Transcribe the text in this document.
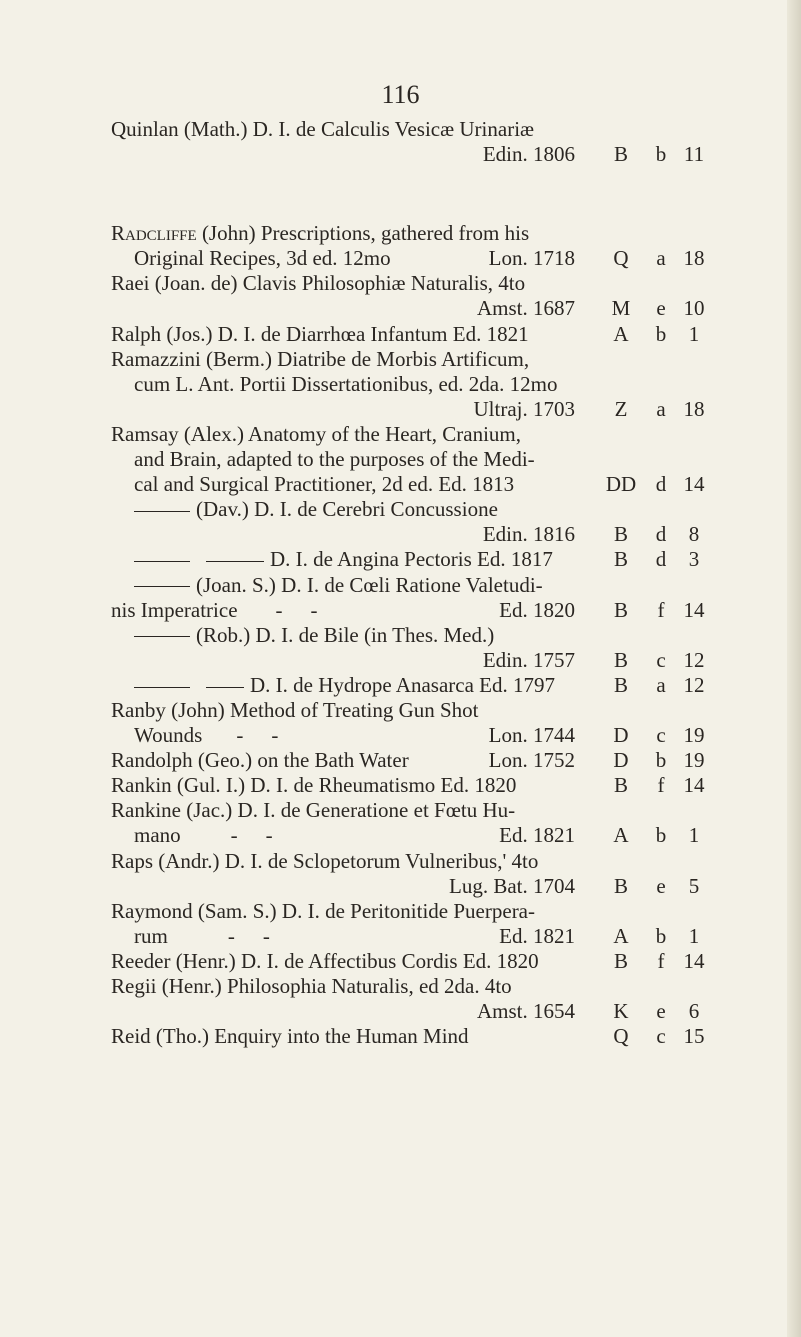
116
Quinlan (Math.) D. I. de Calculis Vesicæ Urinariæ
Edin. 1806	B	b 11
Radcliffe (John) Prescriptions, gathered from his
Original Recipes, 3d ed. 12mo	Lon. 1718	Q	a 18
Raei (Joan. de) Clavis Philosophiæ Naturalis, 4to
Amst. 1687	M	e 10
Ralph (Jos.) D. I. de Diarrhœa Infantum Ed. 1821	A	b	1
Ramazzini (Berm.) Diatribe de Morbis Artificum,
cum L. Ant. Portii Dissertationibus, ed. 2da. 12mo
Ultraj. 1703	Z	a 18
Ramsay (Alex.) Anatomy of the Heart, Cranium,
and Brain, adapted to the purposes of the Medi-
cal and Surgical Practitioner, 2d ed. Ed. 1813	DD d 14
(Dav.) D. I. de Cerebri Concussione
Edin. 1816	B	d	8
D. I. de Angina Pectoris Ed. 1817	B	d	3
(Joan. S.) D. I. de Cœli Ratione Valetudi-
nis Imperatrice - -	Ed. 1820	B	f 14
(Rob.) D. I. de Bile (in Thes. Med.)
Edin. 1757	B	c 12
D. I. de Hydrope Anasarca Ed. 1797	B	a 12
Ranby (John) Method of Treating Gun Shot
Wounds - -	Lon. 1744	D	c 19
Randolph (Geo.) on the Bath Water	Lon. 1752	D	b 19
Rankin (Gul. I.) D. I. de Rheumatismo Ed. 1820	B	f 14
Rankine (Jac.) D. I. de Generatione et Fœtu Hu-
mano - -	Ed. 1821	A	b	1
Raps (Andr.) D. I. de Sclopetorum Vulneribus,' 4to
Lug. Bat. 1704	B	e	5
Raymond (Sam. S.) D. I. de Peritonitide Puerpera-
rum	- -	Ed. 1821	A	b	1
Reeder (Henr.) D. I. de Affectibus Cordis Ed. 1820	B	f 14
Regii (Henr.) Philosophia Naturalis, ed 2da. 4to
Amst. 1654	K	e	6
Reid (Tho.) Enquiry into the Human Mind	Q	c 15
